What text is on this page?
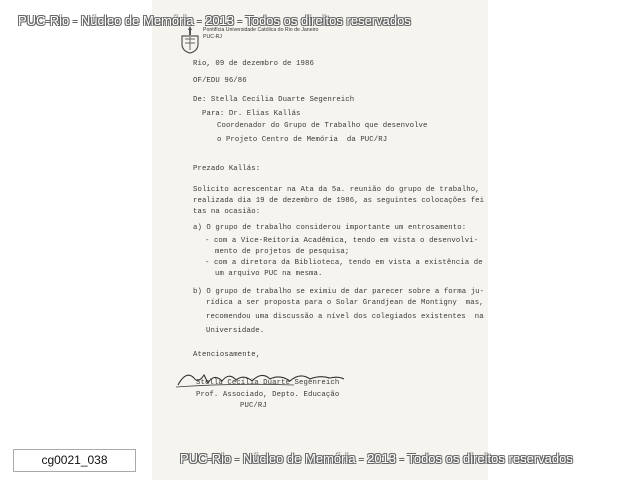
Pontifícia Universidade Católica do Rio de Janeiro
PUC-RJ
Rio, 09 de dezembro de 1986
OF/EDU 96/86
De: Stella Cecília Duarte Segenreich
Para: Dr. Elias Kallás
Coordenador do Grupo de Trabalho que desenvolve
o Projeto Centro de Memória  da PUC/RJ
Prezado Kallás:
Solicito acrescentar na Ata da 5a. reunião do grupo de trabalho,
realizada dia 19 de dezembro de 1986, as seguintes colocações fei
tas na ocasião:
a) O grupo de trabalho considerou importante um entrosamento:
- com a Vice-Reitoria Acadêmica, tendo em vista o desenvolvi-
mento de projetos de pesquisa;
- com a diretora da Biblioteca, tendo em vista a existência de
um arquivo PUC na mesma.
b) O grupo de trabalho se eximiu de dar parecer sobre a forma ju-
rídica a ser proposta para o Solar Grandjean de Montigny  mas,
recomendou uma discussão a nível dos colegiados existentes  na
Universidade.
Atenciosamente,
Stella Cecília Duarte Segenreich
Prof. Associado, Depto. Educação
PUC/RJ
PUC-Rio - Núcleo de Memória - 2013 - Todos os direitos reservados
PUC-Rio - Núcleo de Memória - 2013 - Todos os direitos reservados
cg0021_038
